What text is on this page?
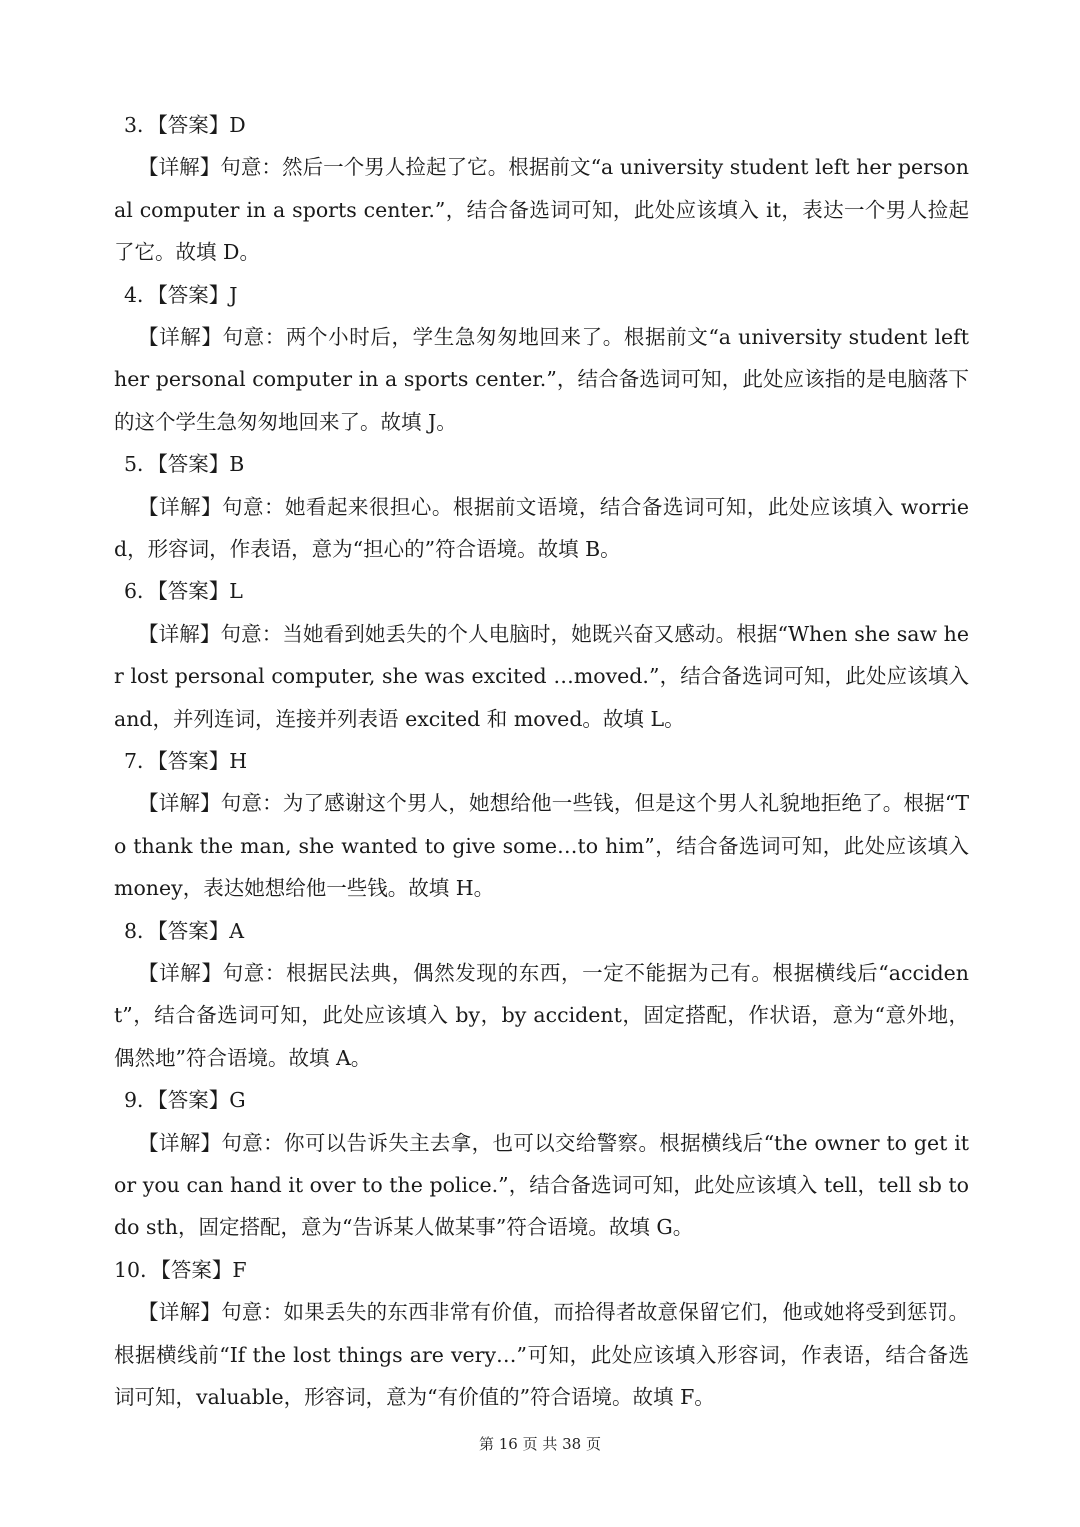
3．【答案】D

【详解】句意：然后一个男人捡起了它。根据前文“a university student left her personal computer in a sports center.”，结合备选词可知，此处应该填入 it，表达一个男人捡起了它。故填 D。

4．【答案】J

【详解】句意：两个小时后，学生急匆匆地回来了。根据前文“a university student left her personal computer in a sports center.”，结合备选词可知，此处应该指的是电脑落下的这个学生急匆匆地回来了。故填 J。

5．【答案】B

【详解】句意：她看起来很担心。根据前文语境，结合备选词可知，此处应该填入 worried，形容词，作表语，意为“担心的”符合语境。故填 B。

6．【答案】L

【详解】句意：当她看到她丢失的个人电脑时，她既兴奋又感动。根据“When she saw her lost personal computer, she was excited …moved.”，结合备选词可知，此处应该填入 and，并列连词，连接并列表语 excited 和 moved。故填 L。

7．【答案】H

【详解】句意：为了感谢这个男人，她想给他一些钱，但是这个男人礼貌地拒绝了。根据“To thank the man, she wanted to give some…to him”，结合备选词可知，此处应该填入 money，表达她想给他一些钱。故填 H。

8．【答案】A

【详解】句意：根据民法典，偶然发现的东西，一定不能据为己有。根据横线后“accident”，结合备选词可知，此处应该填入 by，by accident，固定搭配，作状语，意为“意外地，偶然地”符合语境。故填 A。

9．【答案】G

【详解】句意：你可以告诉失主去拿，也可以交给警察。根据横线后“the owner to get it or you can hand it over to the police.”，结合备选词可知，此处应该填入 tell，tell sb to do sth，固定搭配，意为“告诉某人做某事”符合语境。故填 G。

10．【答案】F

【详解】句意：如果丢失的东西非常有价值，而拾得者故意保留它们，他或她将受到惩罚。根据横线前“If the lost things are very…”可知，此处应该填入形容词，作表语，结合备选词可知，valuable，形容词，意为“有价值的”符合语境。故填 F。

第 16 页 共 38 页
